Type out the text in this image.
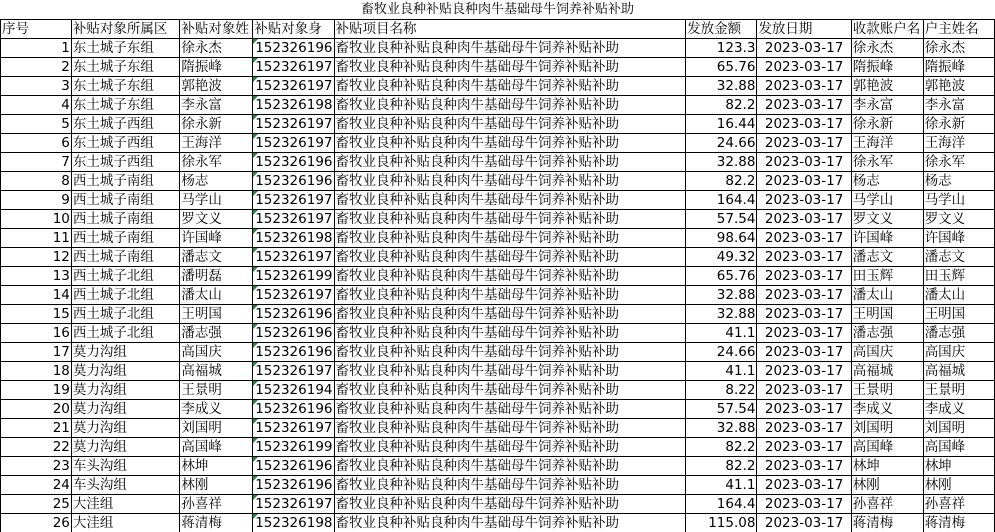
畜牧业良种补贴良种肉牛基础母牛饲养补贴补助
序号	补贴对象所属区	补贴对象姓	补贴对象身	补贴项目名称	发放金额	发放日期	收款账户名	户主姓名
1	东土城子东组	徐永杰	152326196	畜牧业良种补贴良种肉牛基础母牛饲养补贴补助	123.3	2023-03-17	徐永杰	徐永杰
2	东土城子东组	隋振峰	152326197	畜牧业良种补贴良种肉牛基础母牛饲养补贴补助	65.76	2023-03-17	隋振峰	隋振峰
3	东土城子东组	郭艳波	152326197	畜牧业良种补贴良种肉牛基础母牛饲养补贴补助	32.88	2023-03-17	郭艳波	郭艳波
4	东土城子东组	李永富	152326198	畜牧业良种补贴良种肉牛基础母牛饲养补贴补助	82.2	2023-03-17	李永富	李永富
5	东土城子西组	徐永新	152326197	畜牧业良种补贴良种肉牛基础母牛饲养补贴补助	16.44	2023-03-17	徐永新	徐永新
6	东土城子西组	王海洋	152326197	畜牧业良种补贴良种肉牛基础母牛饲养补贴补助	24.66	2023-03-17	王海洋	王海洋
7	东土城子西组	徐永军	152326196	畜牧业良种补贴良种肉牛基础母牛饲养补贴补助	32.88	2023-03-17	徐永军	徐永军
8	西土城子南组	杨志	152326196	畜牧业良种补贴良种肉牛基础母牛饲养补贴补助	82.2	2023-03-17	杨志	杨志
9	西土城子南组	马学山	152326197	畜牧业良种补贴良种肉牛基础母牛饲养补贴补助	164.4	2023-03-17	马学山	马学山
10	西土城子南组	罗文义	152326197	畜牧业良种补贴良种肉牛基础母牛饲养补贴补助	57.54	2023-03-17	罗文义	罗文义
11	西土城子南组	许国峰	152326198	畜牧业良种补贴良种肉牛基础母牛饲养补贴补助	98.64	2023-03-17	许国峰	许国峰
12	西土城子南组	潘志文	152326197	畜牧业良种补贴良种肉牛基础母牛饲养补贴补助	49.32	2023-03-17	潘志文	潘志文
13	西土城子北组	潘明磊	152326199	畜牧业良种补贴良种肉牛基础母牛饲养补贴补助	65.76	2023-03-17	田玉辉	田玉辉
14	西土城子北组	潘太山	152326197	畜牧业良种补贴良种肉牛基础母牛饲养补贴补助	32.88	2023-03-17	潘太山	潘太山
15	西土城子北组	王明国	152326196	畜牧业良种补贴良种肉牛基础母牛饲养补贴补助	32.88	2023-03-17	王明国	王明国
16	西土城子北组	潘志强	152326196	畜牧业良种补贴良种肉牛基础母牛饲养补贴补助	41.1	2023-03-17	潘志强	潘志强
17	莫力沟组	高国庆	152326196	畜牧业良种补贴良种肉牛基础母牛饲养补贴补助	24.66	2023-03-17	高国庆	高国庆
18	莫力沟组	高福城	152326197	畜牧业良种补贴良种肉牛基础母牛饲养补贴补助	41.1	2023-03-17	高福城	高福城
19	莫力沟组	王景明	152326194	畜牧业良种补贴良种肉牛基础母牛饲养补贴补助	8.22	2023-03-17	王景明	王景明
20	莫力沟组	李成义	152326196	畜牧业良种补贴良种肉牛基础母牛饲养补贴补助	57.54	2023-03-17	李成义	李成义
21	莫力沟组	刘国明	152326197	畜牧业良种补贴良种肉牛基础母牛饲养补贴补助	32.88	2023-03-17	刘国明	刘国明
22	莫力沟组	高国峰	152326199	畜牧业良种补贴良种肉牛基础母牛饲养补贴补助	82.2	2023-03-17	高国峰	高国峰
23	车头沟组	林坤	152326196	畜牧业良种补贴良种肉牛基础母牛饲养补贴补助	82.2	2023-03-17	林坤	林坤
24	车头沟组	林刚	152326196	畜牧业良种补贴良种肉牛基础母牛饲养补贴补助	41.1	2023-03-17	林刚	林刚
25	大洼组	孙喜祥	152326197	畜牧业良种补贴良种肉牛基础母牛饲养补贴补助	164.4	2023-03-17	孙喜祥	孙喜祥
26	大洼组	蒋清梅	152326198	畜牧业良种补贴良种肉牛基础母牛饲养补贴补助	115.08	2023-03-17	蒋清梅	蒋清梅
